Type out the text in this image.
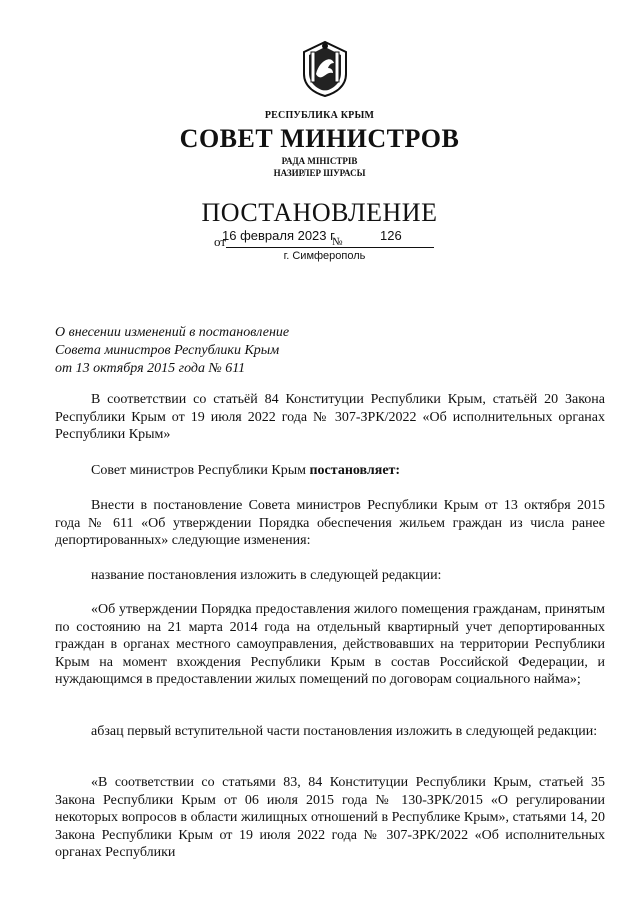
РЕСПУБЛИКА КРЫМ
СОВЕТ МИНИСТРОВ
РАДА МІНІСТРІВ
НАЗИРЛЕР ШУРАСЫ
ПОСТАНОВЛЕНИЕ
от
16 февраля 2023 г.
№	126
г. Симферополь
О внесении изменений в постановление
Совета министров Республики Крым
от 13 октября 2015 года № 611

В соответствии со статьёй 84 Конституции Республики Крым, статьёй 20 Закона Республики Крым от 19 июля 2022 года № 307-ЗРК/2022 «Об исполнительных органах Республики Крым»

Совет министров Республики Крым постановляет:

Внести в постановление Совета министров Республики Крым от 13 октября 2015 года № 611 «Об утверждении Порядка обеспечения жильем граждан из числа ранее депортированных» следующие изменения:

название постановления изложить в следующей редакции:

«Об утверждении Порядка предоставления жилого помещения гражданам, принятым по состоянию на 21 марта 2014 года на отдельный квартирный учет депортированных граждан в органах местного самоуправления, действовавших на территории Республики Крым на момент вхождения Республики Крым в состав Российской Федерации, и нуждающимся в предоставлении жилых помещений по договорам социального найма»;

абзац первый вступительной части постановления изложить в следующей редакции:

«В соответствии со статьями 83, 84 Конституции Республики Крым, статьей 35 Закона Республики Крым от 06 июля 2015 года № 130-ЗРК/2015 «О регулировании некоторых вопросов в области жилищных отношений в Республике Крым», статьями 14, 20 Закона Республики Крым от 19 июля 2022 года № 307-ЗРК/2022 «Об исполнительных органах Республики
